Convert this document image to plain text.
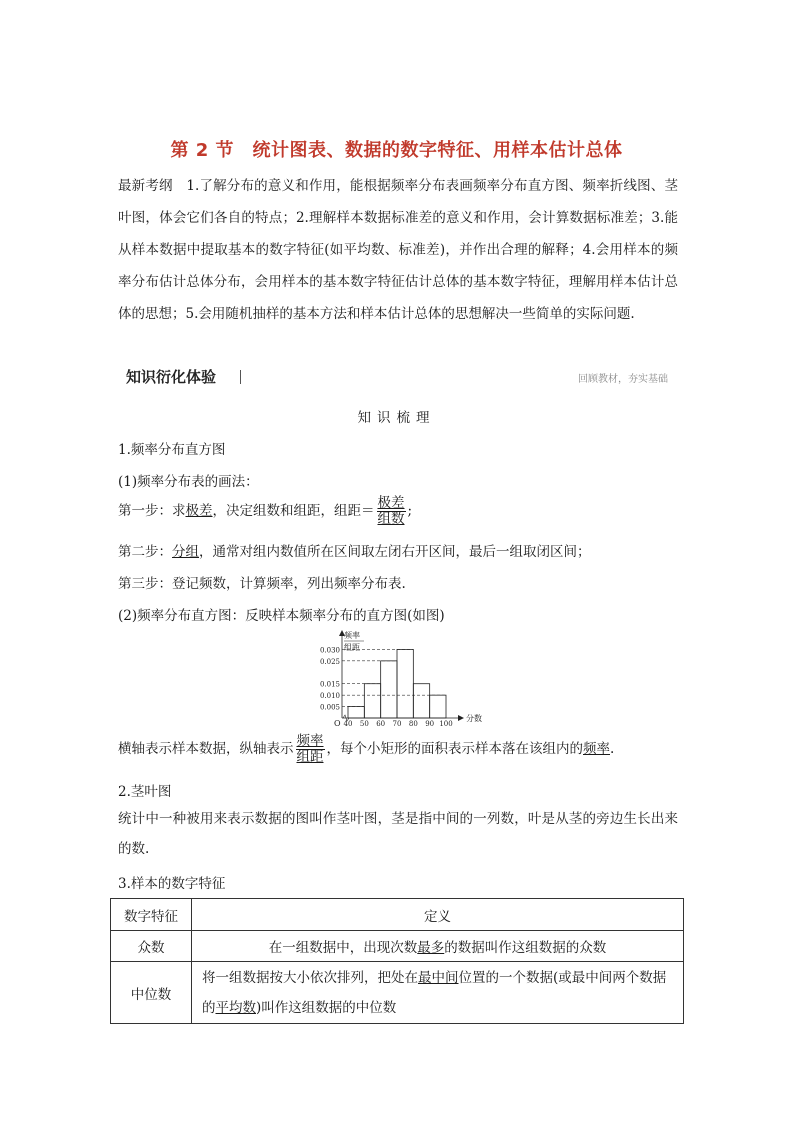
第 2 节　统计图表、数据的数字特征、用样本估计总体
最新考纲　1.了解分布的意义和作用，能根据频率分布表画频率分布直方图、频率折线图、茎叶图，体会它们各自的特点；2.理解样本数据标准差的意义和作用，会计算数据标准差；3.能从样本数据中提取基本的数字特征(如平均数、标准差)，并作出合理的解释；4.会用样本的频率分布估计总体分布，会用样本的基本数字特征估计总体的基本数字特征，理解用样本估计总体的思想；5.会用随机抽样的基本方法和样本估计总体的思想解决一些简单的实际问题.
知识衍化体验	回顾教材，夯实基础
知识梳理
1.频率分布直方图
(1)频率分布表的画法：
第一步：求极差，决定组数和组距，组距＝ $\frac{\text{极差}}{\text{组数}}$ ;
第二步：分组，通常对组内数值所在区间取左闭右开区间，最后一组取闭区间；
第三步：登记频数，计算频率，列出频率分布表.
(2)频率分布直方图：反映样本频率分布的直方图(如图)
0.030
0.025
0.015
0.010
0.005
40 50 60 70 80 90 100
O
分数
频率
组距
横轴表示样本数据，纵轴表示 $\frac{\text{频率}}{\text{组距}}$ ，每个小矩形的面积表示样本落在该组内的频率.
2.茎叶图
统计中一种被用来表示数据的图叫作茎叶图，茎是指中间的一列数，叶是从茎的旁边生长出来的数.
3.样本的数字特征
数字特征	定义
众数	在一组数据中，出现次数最多的数据叫作这组数据的众数
中位数	将一组数据按大小依次排列，把处在最中间位置的一个数据(或最中间两个数据的平均数)叫作这组数据的中位数
